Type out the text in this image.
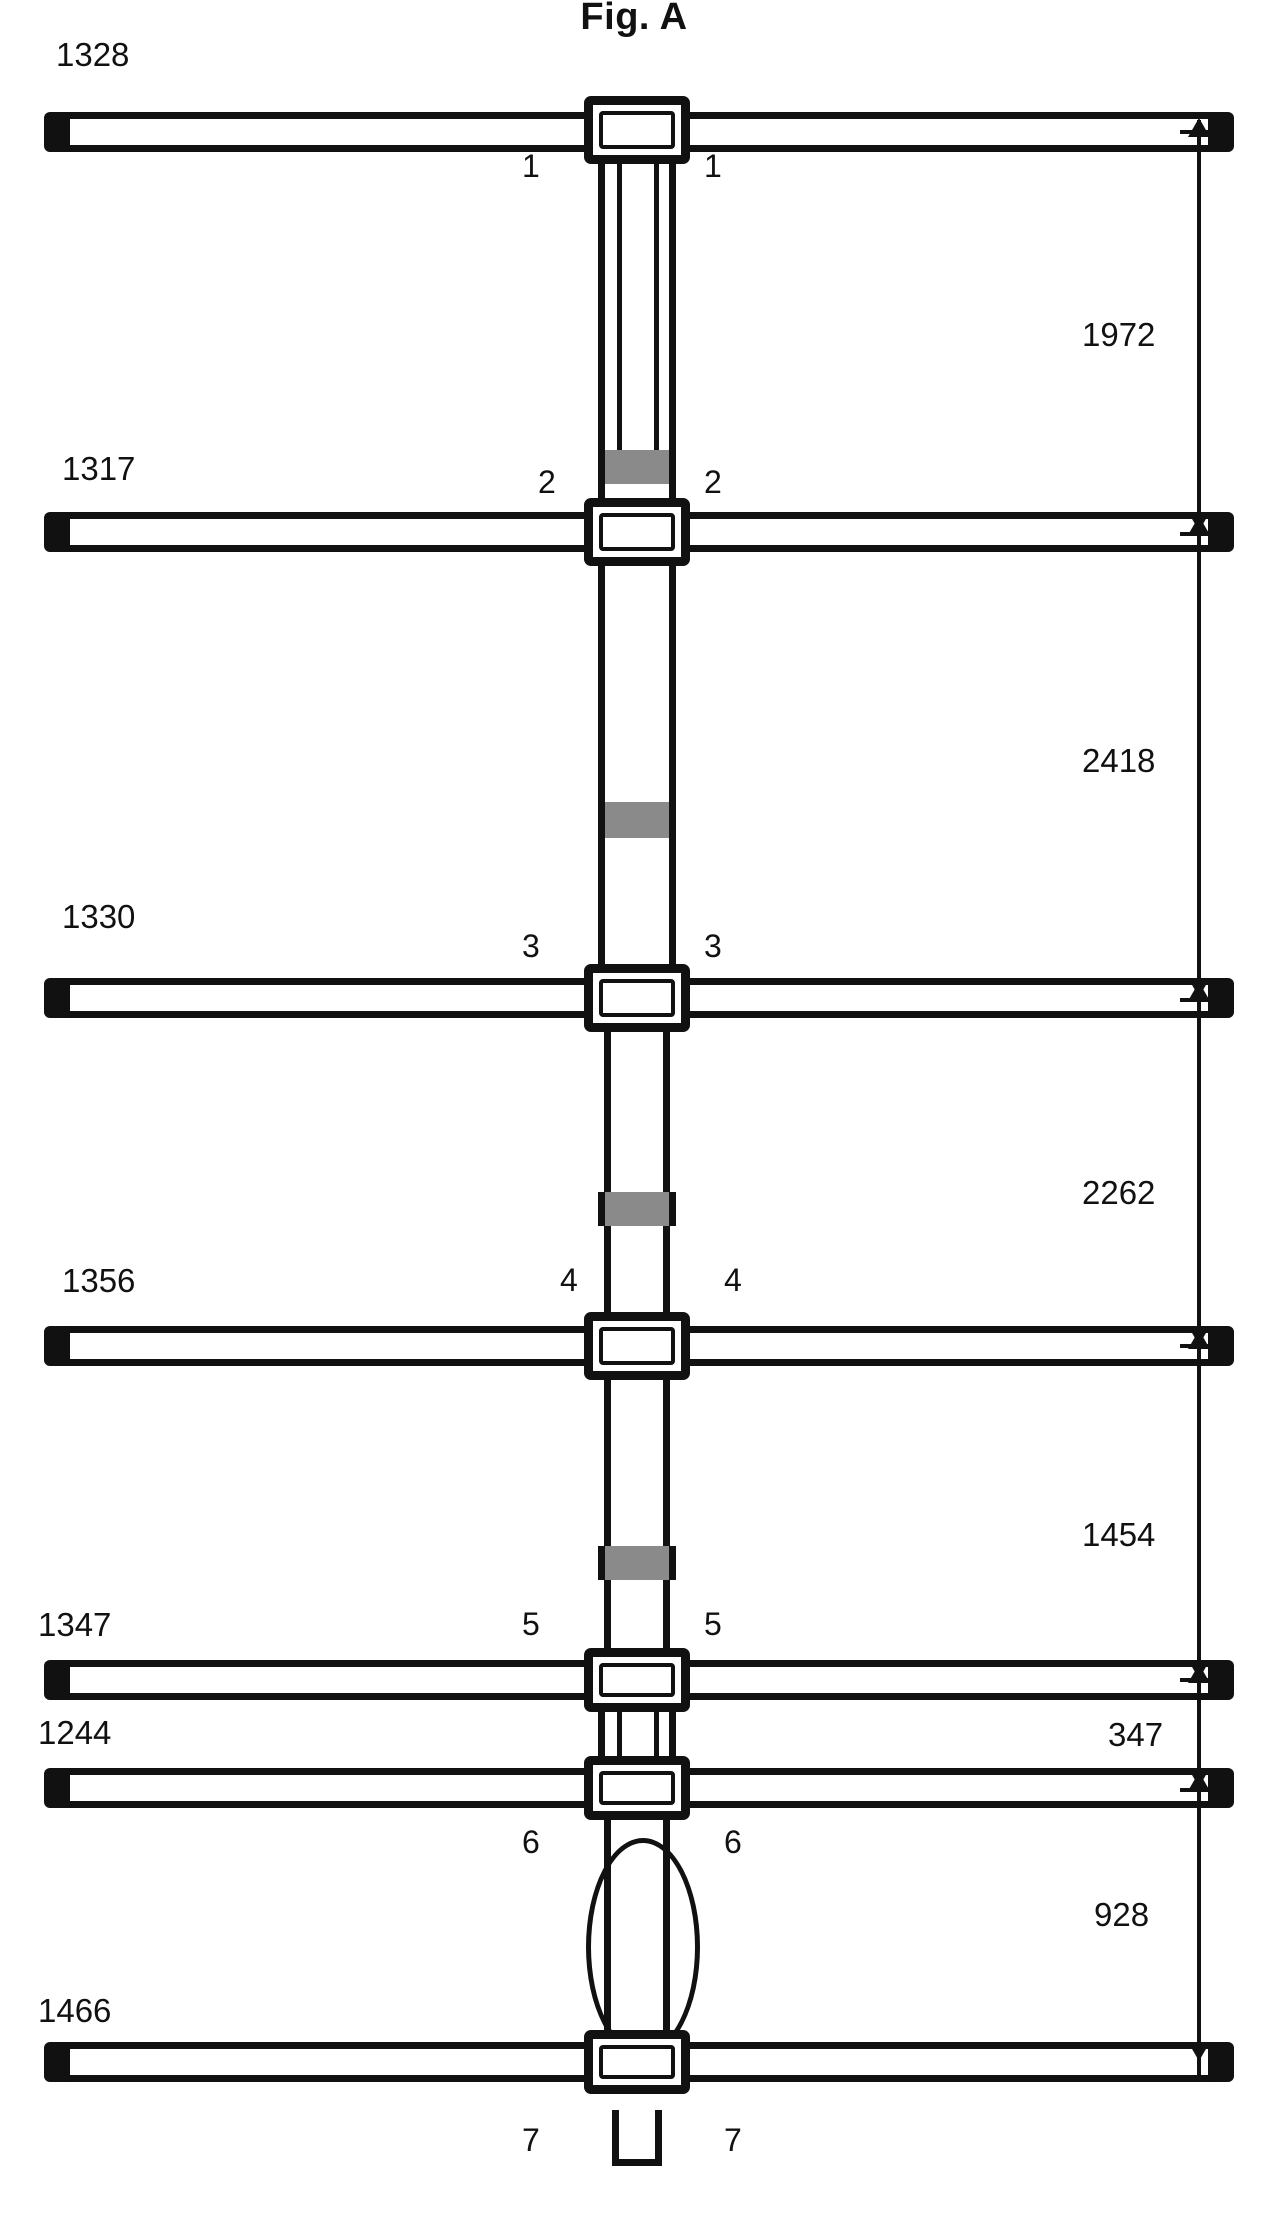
Fig. A
1328
1	1
1317	2	2
1330
3	3
1356	4	4
1347	5	5
1244
6	6
1466
7	7
1972
2418
2262
1454
347
928
